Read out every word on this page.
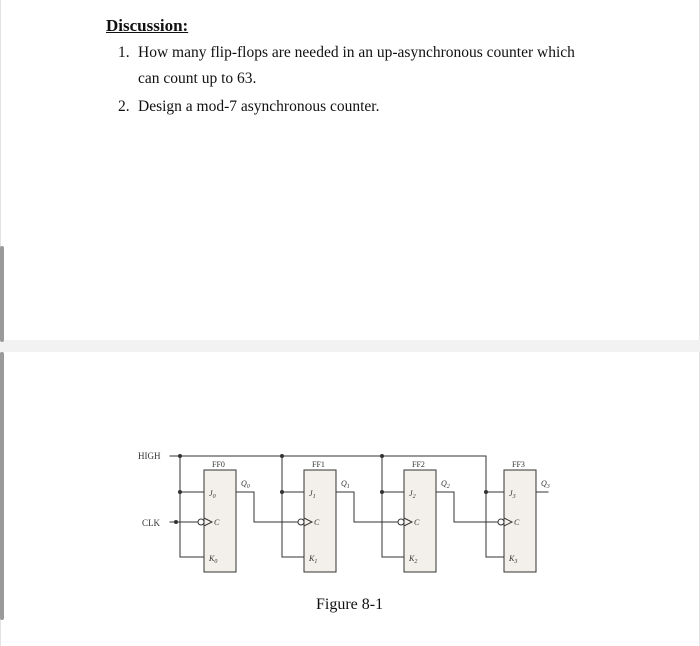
Discussion:
1. How many flip-flops are needed in an up-asynchronous counter which
can count up to 63.
2. Design a mod-7 asynchronous counter.
HIGH
CLK
FF0
$J_0$
$K_0$
C
$Q_0$
FF1
$J_1$
$K_1$
C
$Q_1$
FF2
$J_2$
$K_2$
C
$Q_2$
FF3
$J_3$
$K_3$
C
$Q_3$
Figure 8-1
